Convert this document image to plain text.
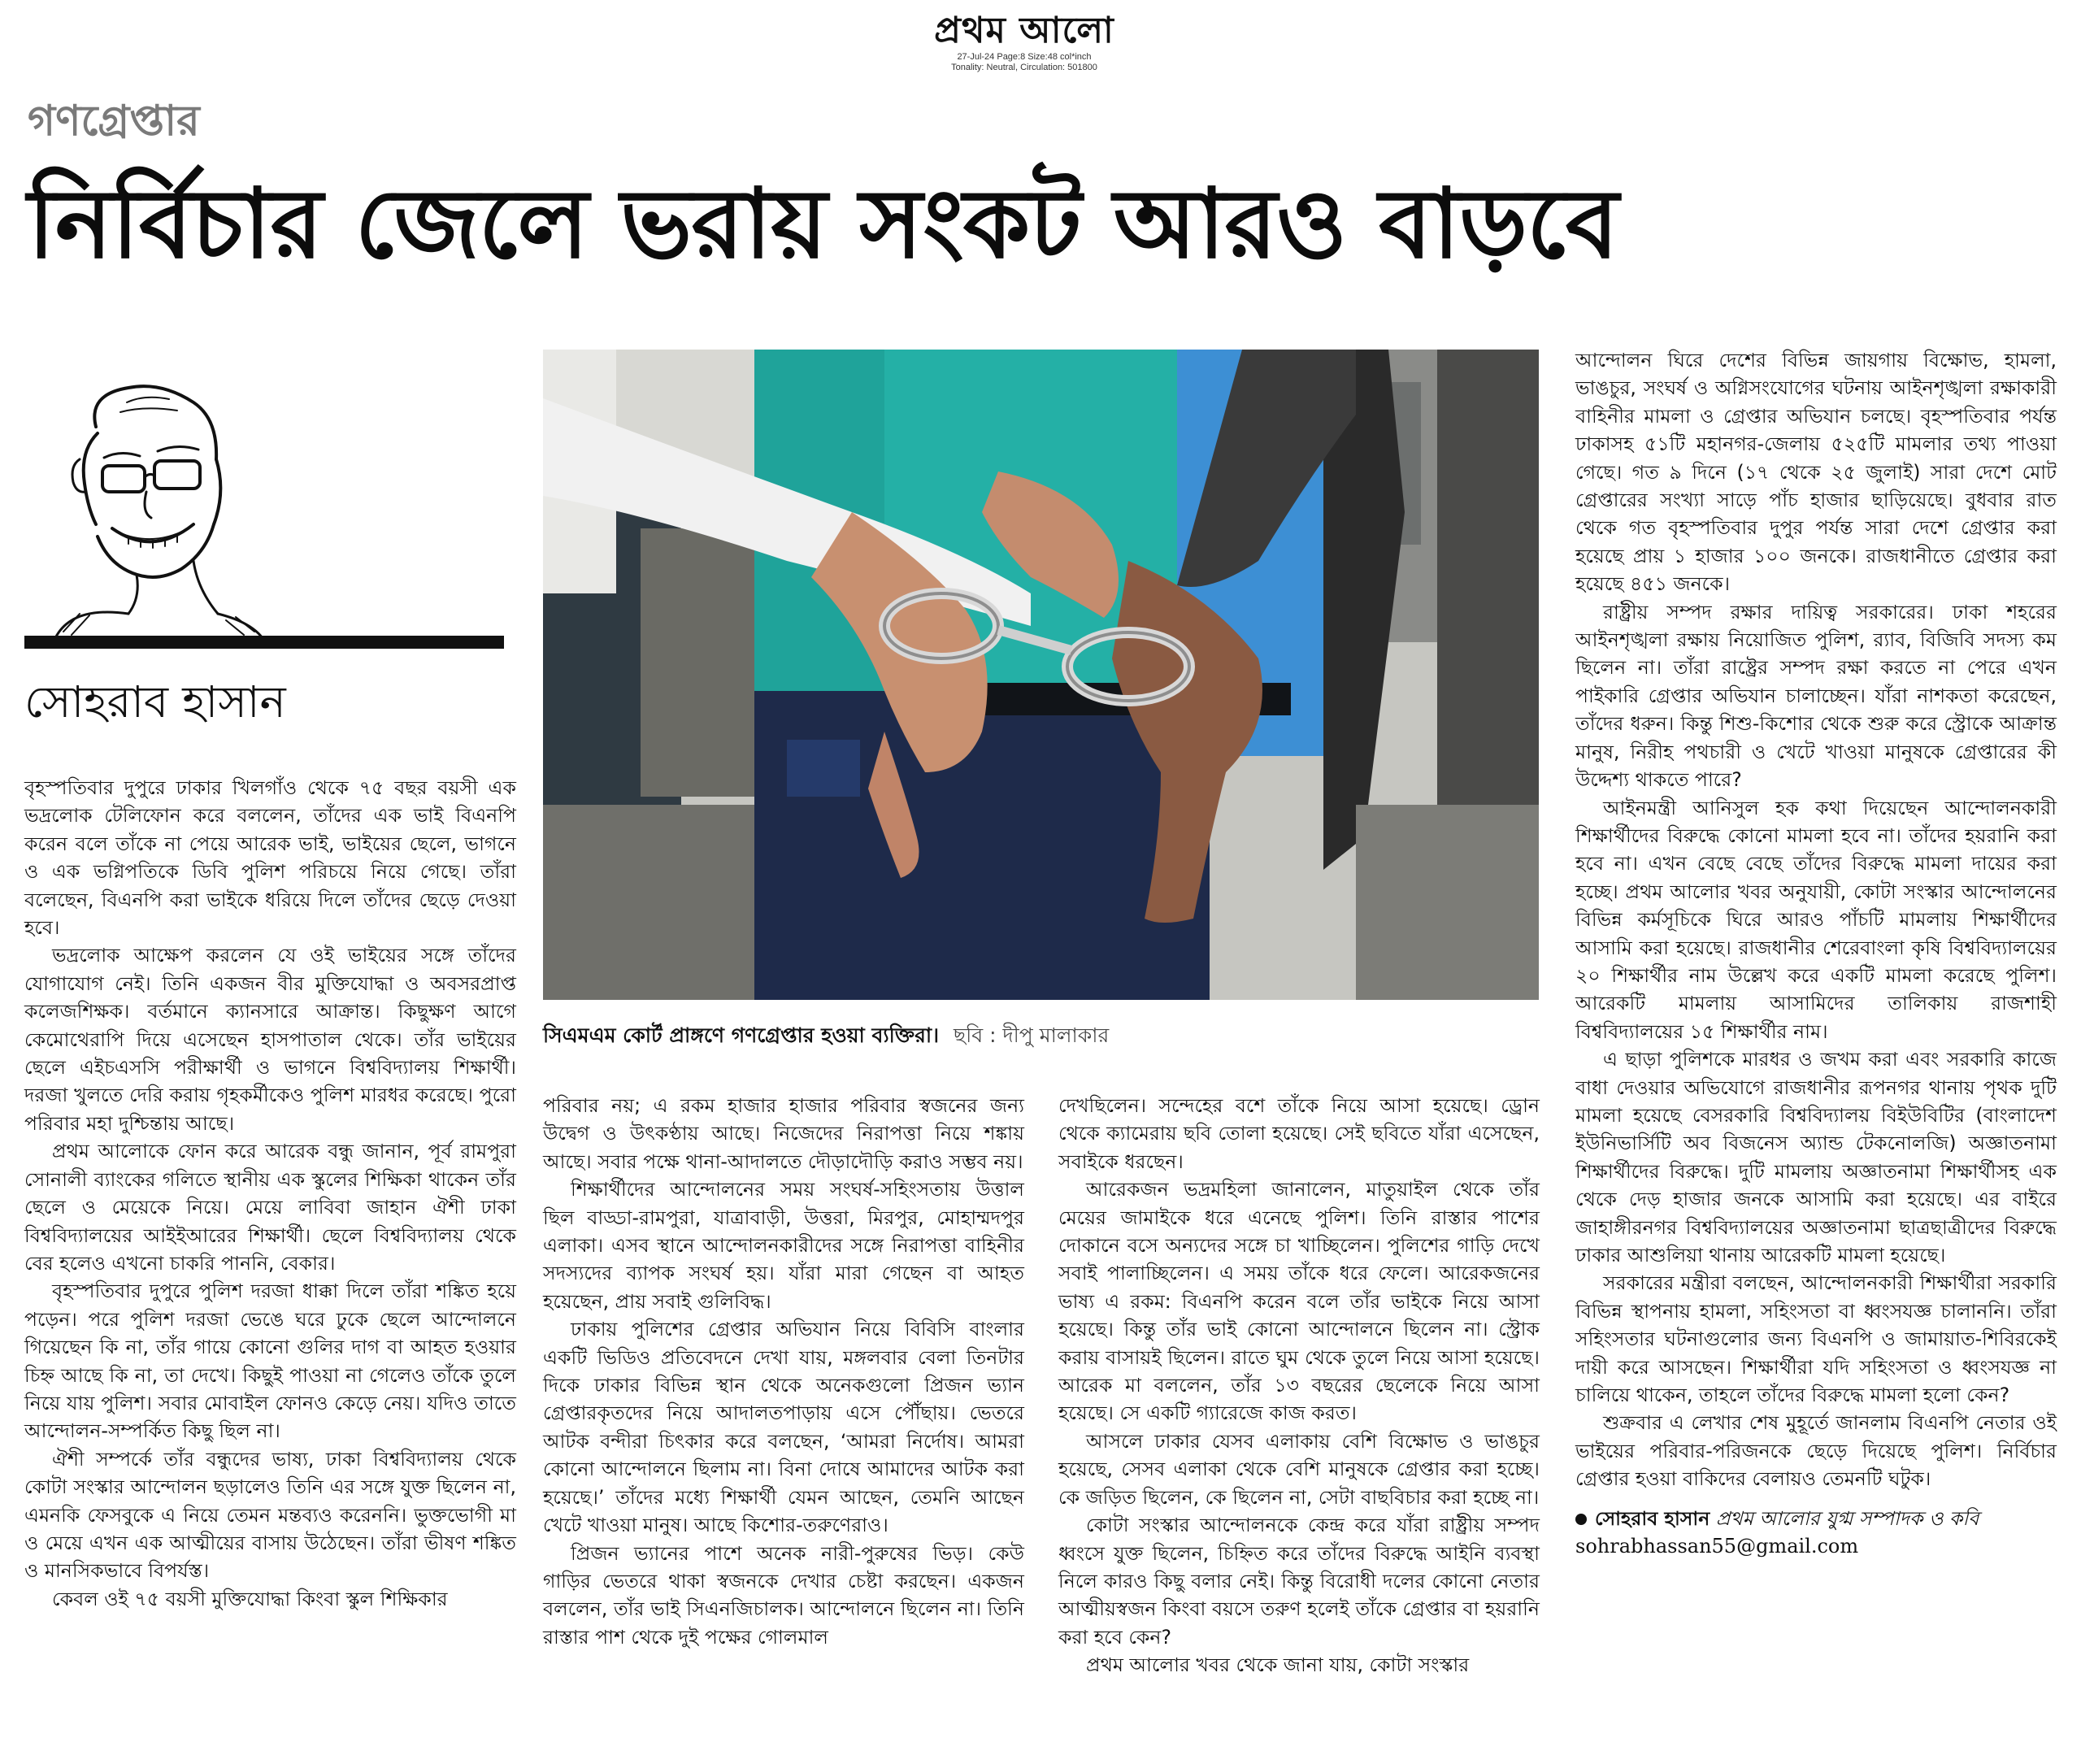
প্রথম আলো
27-Jul-24 Page:8 Size:48 col*inch
Tonality: Neutral, Circulation: 501800
গণগ্রেপ্তার
নির্বিচার জেলে ভরায় সংকট আরও বাড়বে
সোহরাব হাসান
সিএমএম কোর্ট প্রাঙ্গণে গণগ্রেপ্তার হওয়া ব্যক্তিরা। ছবি : দীপু মালাকার

বৃহস্পতিবার দুপুরে ঢাকার খিলগাঁও থেকে ৭৫ বছর বয়সী এক ভদ্রলোক টেলিফোন করে বললেন, তাঁদের এক ভাই বিএনপি করেন বলে তাঁকে না পেয়ে আরেক ভাই, ভাইয়ের ছেলে, ভাগনে ও এক ভগ্নিপতিকে ডিবি পুলিশ পরিচয়ে নিয়ে গেছে। তাঁরা বলেছেন, বিএনপি করা ভাইকে ধরিয়ে দিলে তাঁদের ছেড়ে দেওয়া হবে।

ভদ্রলোক আক্ষেপ করলেন যে ওই ভাইয়ের সঙ্গে তাঁদের যোগাযোগ নেই। তিনি একজন বীর মুক্তিযোদ্ধা ও অবসরপ্রাপ্ত কলেজশিক্ষক। বর্তমানে ক্যানসারে আক্রান্ত। কিছুক্ষণ আগে কেমোথেরাপি দিয়ে এসেছেন হাসপাতাল থেকে। তাঁর ভাইয়ের ছেলে এইচএসসি পরীক্ষার্থী ও ভাগনে বিশ্ববিদ্যালয় শিক্ষার্থী। দরজা খুলতে দেরি করায় গৃহকর্মীকেও পুলিশ মারধর করেছে। পুরো পরিবার মহা দুশ্চিন্তায় আছে।

প্রথম আলোকে ফোন করে আরেক বন্ধু জানান, পূর্ব রামপুরা সোনালী ব্যাংকের গলিতে স্থানীয় এক স্কুলের শিক্ষিকা থাকেন তাঁর ছেলে ও মেয়েকে নিয়ে। মেয়ে লাবিবা জাহান ঐশী ঢাকা বিশ্ববিদ্যালয়ের আইইআরের শিক্ষার্থী। ছেলে বিশ্ববিদ্যালয় থেকে বের হলেও এখনো চাকরি পাননি, বেকার।

বৃহস্পতিবার দুপুরে পুলিশ দরজা ধাক্কা দিলে তাঁরা শঙ্কিত হয়ে পড়েন। পরে পুলিশ দরজা ভেঙে ঘরে ঢুকে ছেলে আন্দোলনে গিয়েছেন কি না, তাঁর গায়ে কোনো গুলির দাগ বা আহত হওয়ার চিহ্ন আছে কি না, তা দেখে। কিছুই পাওয়া না গেলেও তাঁকে তুলে নিয়ে যায় পুলিশ। সবার মোবাইল ফোনও কেড়ে নেয়। যদিও তাতে আন্দোলন-সম্পর্কিত কিছু ছিল না।

ঐশী সম্পর্কে তাঁর বন্ধুদের ভাষ্য, ঢাকা বিশ্ববিদ্যালয় থেকে কোটা সংস্কার আন্দোলন ছড়ালেও তিনি এর সঙ্গে যুক্ত ছিলেন না, এমনকি ফেসবুকে এ নিয়ে তেমন মন্তব্যও করেননি। ভুক্তভোগী মা ও মেয়ে এখন এক আত্মীয়ের বাসায় উঠেছেন। তাঁরা ভীষণ শঙ্কিত ও মানসিকভাবে বিপর্যস্ত।

কেবল ওই ৭৫ বয়সী মুক্তিযোদ্ধা কিংবা স্কুল শিক্ষিকার

পরিবার নয়; এ রকম হাজার হাজার পরিবার স্বজনের জন্য উদ্বেগ ও উৎকণ্ঠায় আছে। নিজেদের নিরাপত্তা নিয়ে শঙ্কায় আছে। সবার পক্ষে থানা-আদালতে দৌড়াদৌড়ি করাও সম্ভব নয়।

শিক্ষার্থীদের আন্দোলনের সময় সংঘর্ষ-সহিংসতায় উত্তাল ছিল বাড্ডা-রামপুরা, যাত্রাবাড়ী, উত্তরা, মিরপুর, মোহাম্মদপুর এলাকা। এসব স্থানে আন্দোলনকারীদের সঙ্গে নিরাপত্তা বাহিনীর সদস্যদের ব্যাপক সংঘর্ষ হয়। যাঁরা মারা গেছেন বা আহত হয়েছেন, প্রায় সবাই গুলিবিদ্ধ।

ঢাকায় পুলিশের গ্রেপ্তার অভিযান নিয়ে বিবিসি বাংলার একটি ভিডিও প্রতিবেদনে দেখা যায়, মঙ্গলবার বেলা তিনটার দিকে ঢাকার বিভিন্ন স্থান থেকে অনেকগুলো প্রিজন ভ্যান গ্রেপ্তারকৃতদের নিয়ে আদালতপাড়ায় এসে পৌঁছায়। ভেতরে আটক বন্দীরা চিৎকার করে বলছেন, ‘আমরা নির্দোষ। আমরা কোনো আন্দোলনে ছিলাম না। বিনা দোষে আমাদের আটক করা হয়েছে।’ তাঁদের মধ্যে শিক্ষার্থী যেমন আছেন, তেমনি আছেন খেটে খাওয়া মানুষ। আছে কিশোর-তরুণেরাও।

প্রিজন ভ্যানের পাশে অনেক নারী-পুরুষের ভিড়। কেউ গাড়ির ভেতরে থাকা স্বজনকে দেখার চেষ্টা করছেন। একজন বললেন, তাঁর ভাই সিএনজিচালক। আন্দোলনে ছিলেন না। তিনি রাস্তার পাশ থেকে দুই পক্ষের গোলমাল

দেখছিলেন। সন্দেহের বশে তাঁকে নিয়ে আসা হয়েছে। ড্রোন থেকে ক্যামেরায় ছবি তোলা হয়েছে। সেই ছবিতে যাঁরা এসেছেন, সবাইকে ধরছেন।

আরেকজন ভদ্রমহিলা জানালেন, মাতুয়াইল থেকে তাঁর মেয়ের জামাইকে ধরে এনেছে পুলিশ। তিনি রাস্তার পাশের দোকানে বসে অন্যদের সঙ্গে চা খাচ্ছিলেন। পুলিশের গাড়ি দেখে সবাই পালাচ্ছিলেন। এ সময় তাঁকে ধরে ফেলে। আরেকজনের ভাষ্য এ রকম: বিএনপি করেন বলে তাঁর ভাইকে নিয়ে আসা হয়েছে। কিন্তু তাঁর ভাই কোনো আন্দোলনে ছিলেন না। স্ট্রোক করায় বাসায়ই ছিলেন। রাতে ঘুম থেকে তুলে নিয়ে আসা হয়েছে। আরেক মা বললেন, তাঁর ১৩ বছরের ছেলেকে নিয়ে আসা হয়েছে। সে একটি গ্যারেজে কাজ করত।

আসলে ঢাকার যেসব এলাকায় বেশি বিক্ষোভ ও ভাঙচুর হয়েছে, সেসব এলাকা থেকে বেশি মানুষকে গ্রেপ্তার করা হচ্ছে। কে জড়িত ছিলেন, কে ছিলেন না, সেটা বাছবিচার করা হচ্ছে না।

কোটা সংস্কার আন্দোলনকে কেন্দ্র করে যাঁরা রাষ্ট্রীয় সম্পদ ধ্বংসে যুক্ত ছিলেন, চিহ্নিত করে তাঁদের বিরুদ্ধে আইনি ব্যবস্থা নিলে কারও কিছু বলার নেই। কিন্তু বিরোধী দলের কোনো নেতার আত্মীয়স্বজন কিংবা বয়সে তরুণ হলেই তাঁকে গ্রেপ্তার বা হয়রানি করা হবে কেন?

প্রথম আলোর খবর থেকে জানা যায়, কোটা সংস্কার

আন্দোলন ঘিরে দেশের বিভিন্ন জায়গায় বিক্ষোভ, হামলা, ভাঙচুর, সংঘর্ষ ও অগ্নিসংযোগের ঘটনায় আইনশৃঙ্খলা রক্ষাকারী বাহিনীর মামলা ও গ্রেপ্তার অভিযান চলছে। বৃহস্পতিবার পর্যন্ত ঢাকাসহ ৫১টি মহানগর-জেলায় ৫২৫টি মামলার তথ্য পাওয়া গেছে। গত ৯ দিনে (১৭ থেকে ২৫ জুলাই) সারা দেশে মোট গ্রেপ্তারের সংখ্যা সাড়ে পাঁচ হাজার ছাড়িয়েছে। বুধবার রাত থেকে গত বৃহস্পতিবার দুপুর পর্যন্ত সারা দেশে গ্রেপ্তার করা হয়েছে প্রায় ১ হাজার ১০০ জনকে। রাজধানীতে গ্রেপ্তার করা হয়েছে ৪৫১ জনকে।

রাষ্ট্রীয় সম্পদ রক্ষার দায়িত্ব সরকারের। ঢাকা শহরের আইনশৃঙ্খলা রক্ষায় নিয়োজিত পুলিশ, র‍্যাব, বিজিবি সদস্য কম ছিলেন না। তাঁরা রাষ্ট্রের সম্পদ রক্ষা করতে না পেরে এখন পাইকারি গ্রেপ্তার অভিযান চালাচ্ছেন। যাঁরা নাশকতা করেছেন, তাঁদের ধরুন। কিন্তু শিশু-কিশোর থেকে শুরু করে স্ট্রোকে আক্রান্ত মানুষ, নিরীহ পথচারী ও খেটে খাওয়া মানুষকে গ্রেপ্তারের কী উদ্দেশ্য থাকতে পারে?

আইনমন্ত্রী আনিসুল হক কথা দিয়েছেন আন্দোলনকারী শিক্ষার্থীদের বিরুদ্ধে কোনো মামলা হবে না। তাঁদের হয়রানি করা হবে না। এখন বেছে বেছে তাঁদের বিরুদ্ধে মামলা দায়ের করা হচ্ছে। প্রথম আলোর খবর অনুযায়ী, কোটা সংস্কার আন্দোলনের বিভিন্ন কর্মসূচিকে ঘিরে আরও পাঁচটি মামলায় শিক্ষার্থীদের আসামি করা হয়েছে। রাজধানীর শেরেবাংলা কৃষি বিশ্ববিদ্যালয়ের ২০ শিক্ষার্থীর নাম উল্লেখ করে একটি মামলা করেছে পুলিশ। আরেকটি মামলায় আসামিদের তালিকায় রাজশাহী বিশ্ববিদ্যালয়ের ১৫ শিক্ষার্থীর নাম।

এ ছাড়া পুলিশকে মারধর ও জখম করা এবং সরকারি কাজে বাধা দেওয়ার অভিযোগে রাজধানীর রূপনগর থানায় পৃথক দুটি মামলা হয়েছে বেসরকারি বিশ্ববিদ্যালয় বিইউবিটির (বাংলাদেশ ইউনিভার্সিটি অব বিজনেস অ্যান্ড টেকনোলজি) অজ্ঞাতনামা শিক্ষার্থীদের বিরুদ্ধে। দুটি মামলায় অজ্ঞাতনামা শিক্ষার্থীসহ এক থেকে দেড় হাজার জনকে আসামি করা হয়েছে। এর বাইরে জাহাঙ্গীরনগর বিশ্ববিদ্যালয়ের অজ্ঞাতনামা ছাত্রছাত্রীদের বিরুদ্ধে ঢাকার আশুলিয়া থানায় আরেকটি মামলা হয়েছে।

সরকারের মন্ত্রীরা বলছেন, আন্দোলনকারী শিক্ষার্থীরা সরকারি বিভিন্ন স্থাপনায় হামলা, সহিংসতা বা ধ্বংসযজ্ঞ চালাননি। তাঁরা সহিংসতার ঘটনাগুলোর জন্য বিএনপি ও জামায়াত-শিবিরকেই দায়ী করে আসছেন। শিক্ষার্থীরা যদি সহিংসতা ও ধ্বংসযজ্ঞ না চালিয়ে থাকেন, তাহলে তাঁদের বিরুদ্ধে মামলা হলো কেন?

শুক্রবার এ লেখার শেষ মুহূর্তে জানলাম বিএনপি নেতার ওই ভাইয়ের পরিবার-পরিজনকে ছেড়ে দিয়েছে পুলিশ। নির্বিচার গ্রেপ্তার হওয়া বাকিদের বেলায়ও তেমনটি ঘটুক।

সোহরাব হাসান প্রথম আলোর যুগ্ম সম্পাদক ও কবি

sohrabhassan55@gmail.com
